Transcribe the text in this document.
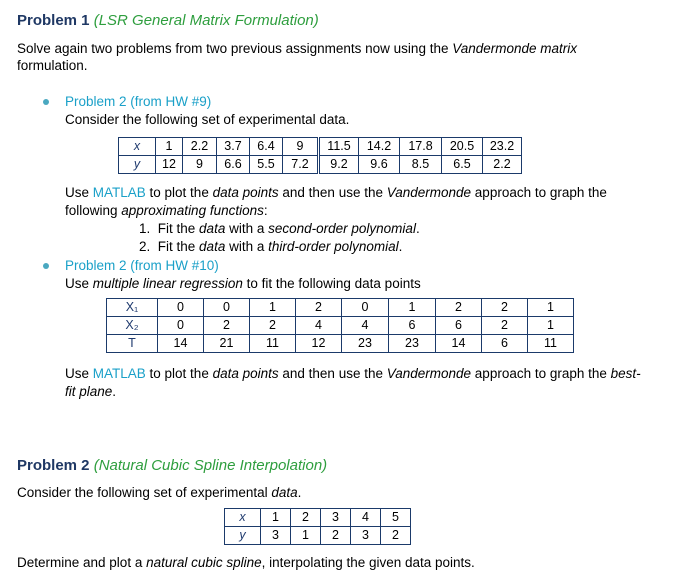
Problem 1 (LSR General Matrix Formulation)
Solve again two problems from two previous assignments now using the Vandermonde matrix
formulation.
Problem 2 (from HW #9)
Consider the following set of experimental data.
x	1	2.2	3.7	6.4	9	11.5	14.2	17.8	20.5	23.2
y	12	9	6.6	5.5	7.2	9.2	9.6	8.5	6.5	2.2
Use MATLAB to plot the data points and then use the Vandermonde approach to graph the
following approximating functions:
1. Fit the data with a second-order polynomial.
2. Fit the data with a third-order polynomial.
Problem 2 (from HW #10)
Use multiple linear regression to fit the following data points
X₁	0	0	1	2	0	1	2	2	1
X₂	0	2	2	4	4	6	6	2	1
T	14	21	11	12	23	23	14	6	11
Use MATLAB to plot the data points and then use the Vandermonde approach to graph the best-
fit plane.
Problem 2 (Natural Cubic Spline Interpolation)
Consider the following set of experimental data.
x	1	2	3	4	5
y	3	1	2	3	2
Determine and plot a natural cubic spline, interpolating the given data points.
